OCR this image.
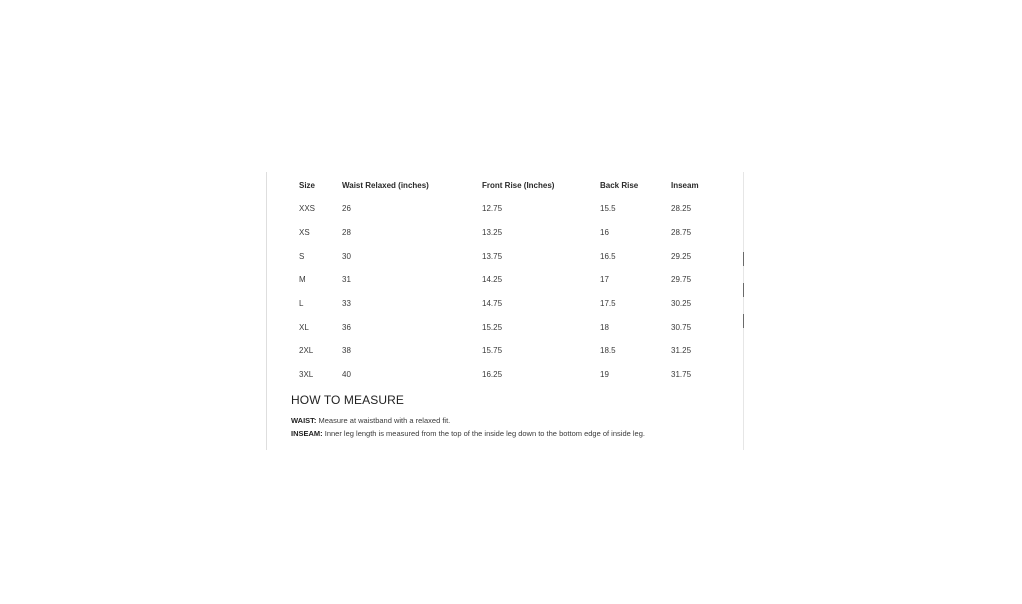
Size	Waist Relaxed (inches)	Front Rise (Inches)	Back Rise	Inseam
XXS	26	12.75	15.5	28.25
XS	28	13.25	16	28.75
S	30	13.75	16.5	29.25
M	31	14.25	17	29.75
L	33	14.75	17.5	30.25
XL	36	15.25	18	30.75
2XL	38	15.75	18.5	31.25
3XL	40	16.25	19	31.75
HOW TO MEASURE

WAIST: Measure at waistband with a relaxed fit.

INSEAM: Inner leg length is measured from the top of the inside leg down to the bottom edge of inside leg.
